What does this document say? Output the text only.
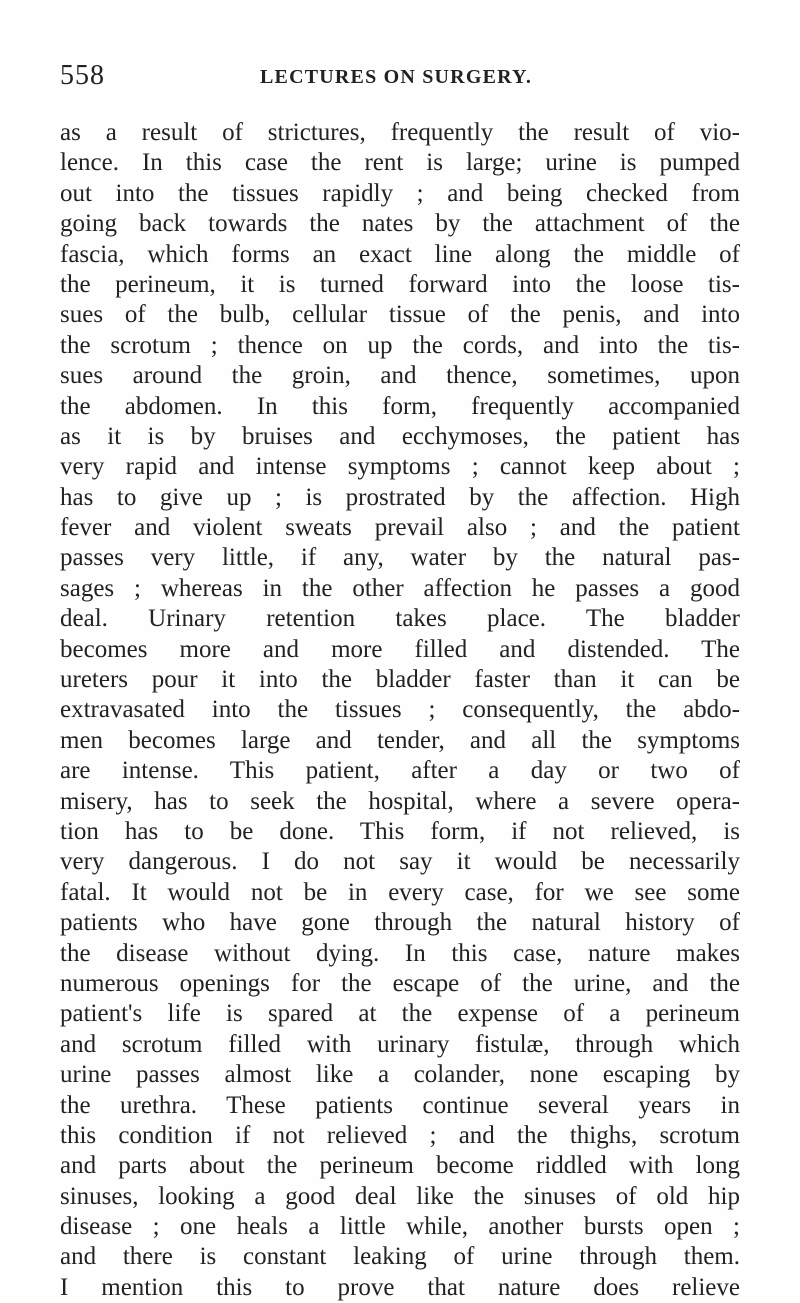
558	LECTURES ON SURGERY.
as a result of strictures, frequently the result of vio-
lence. In this case the rent is large; urine is pumped
out into the tissues rapidly ; and being checked from
going back towards the nates by the attachment of the
fascia, which forms an exact line along the middle of
the perineum, it is turned forward into the loose tis-
sues of the bulb, cellular tissue of the penis, and into
the scrotum ; thence on up the cords, and into the tis-
sues around the groin, and thence, sometimes, upon
the abdomen. In this form, frequently accompanied
as it is by bruises and ecchymoses, the patient has
very rapid and intense symptoms ; cannot keep about ;
has to give up ; is prostrated by the affection. High
fever and violent sweats prevail also ; and the patient
passes very little, if any, water by the natural pas-
sages ; whereas in the other affection he passes a good
deal. Urinary retention takes place. The bladder
becomes more and more filled and distended. The
ureters pour it into the bladder faster than it can be
extravasated into the tissues ; consequently, the abdo-
men becomes large and tender, and all the symptoms
are intense. This patient, after a day or two of
misery, has to seek the hospital, where a severe opera-
tion has to be done. This form, if not relieved, is
very dangerous. I do not say it would be necessarily
fatal. It would not be in every case, for we see some
patients who have gone through the natural history of
the disease without dying. In this case, nature makes
numerous openings for the escape of the urine, and the
patient's life is spared at the expense of a perineum
and scrotum filled with urinary fistulæ, through which
urine passes almost like a colander, none escaping by
the urethra. These patients continue several years in
this condition if not relieved ; and the thighs, scrotum
and parts about the perineum become riddled with long
sinuses, looking a good deal like the sinuses of old hip
disease ; one heals a little while, another bursts open ;
and there is constant leaking of urine through them.
I mention this to prove that nature does relieve
